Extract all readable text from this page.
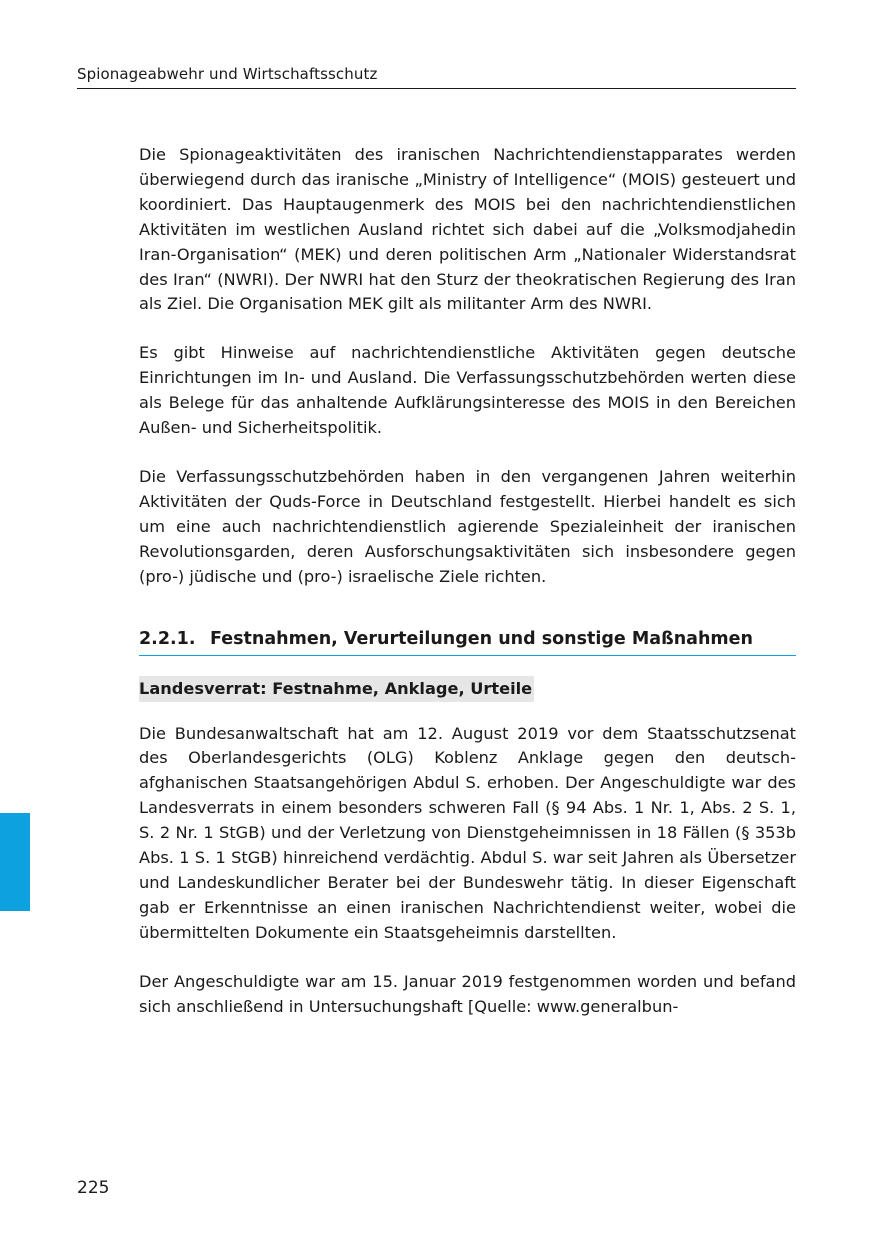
Spionageabwehr und Wirtschaftsschutz

Die Spionageaktivitäten des iranischen Nachrichtendienstapparates werden überwiegend durch das iranische „Ministry of Intelligence“ (MOIS) gesteuert und koordiniert. Das Hauptaugenmerk des MOIS bei den nachrichtendienstlichen Aktivitäten im westlichen Ausland richtet sich dabei auf die „Volksmodjahedin Iran-Organisation“ (MEK) und deren politischen Arm „Nationaler Widerstandsrat des Iran“ (NWRI). Der NWRI hat den Sturz der theokratischen Regierung des Iran als Ziel. Die Organisation MEK gilt als militanter Arm des NWRI.

Es gibt Hinweise auf nachrichtendienstliche Aktivitäten gegen deutsche Einrichtungen im In- und Ausland. Die Verfassungsschutzbehörden werten diese als Belege für das anhaltende Aufklärungsinteresse des MOIS in den Bereichen Außen- und Sicherheitspolitik.

Die Verfassungsschutzbehörden haben in den vergangenen Jahren weiterhin Aktivitäten der Quds-Force in Deutschland festgestellt. Hierbei handelt es sich um eine auch nachrichtendienstlich agierende Spezialeinheit der iranischen Revolutionsgarden, deren Ausforschungsaktivitäten sich insbesondere gegen (pro-) jüdische und (pro-) israelische Ziele richten.

2.2.1. Festnahmen, Verurteilungen und sonstige Maßnahmen
Landesverrat: Festnahme, Anklage, Urteile

Die Bundesanwaltschaft hat am 12. August 2019 vor dem Staatsschutzsenat des Oberlandesgerichts (OLG) Koblenz Anklage gegen den deutsch-afghanischen Staatsangehörigen Abdul S. erhoben. Der Angeschuldigte war des Landesverrats in einem besonders schweren Fall (§ 94 Abs. 1 Nr. 1, Abs. 2 S. 1, S. 2 Nr. 1 StGB) und der Verletzung von Dienstgeheimnissen in 18 Fällen (§ 353b Abs. 1 S. 1 StGB) hinreichend verdächtig. Abdul S. war seit Jahren als Übersetzer und Landeskundlicher Berater bei der Bundeswehr tätig. In dieser Eigenschaft gab er Erkenntnisse an einen iranischen Nachrichtendienst weiter, wobei die übermittelten Dokumente ein Staatsgeheimnis darstellten.

Der Angeschuldigte war am 15. Januar 2019 festgenommen worden und befand sich anschließend in Untersuchungshaft [Quelle: www.generalbun-

225
